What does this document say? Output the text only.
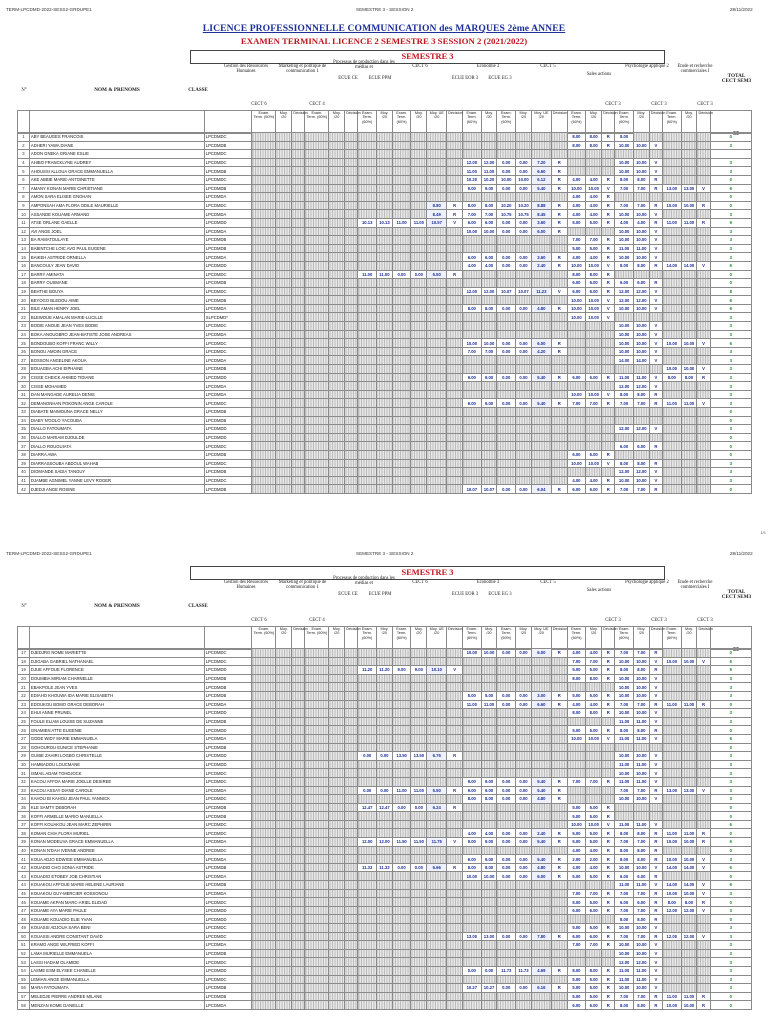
TERM-LPCDMD-2022-SESS2-GRDUPE1	SEMESTRE 3 - SESSION 2	28/11/2022
LICENCE PROFESSIONNELLE COMMUNICATION des MARQUES 2ème ANNEE
EXAMEN TERMINAL LICENCE 2 SEMESTRE 3 SESSION 2 (2021/2022)
SEMESTRE 3
N°	NOM & PRENOMS	CLASSE
Gestion des Ressources Humaines
CECT 6
Marketing et politique de communication 1
CECT 4
Processus de production dans les médias et
ECUE CE	ECUE PPM
CECT 6	Economie 3
ECUE EOR 3	ECUE EG 3
CECT 5
Sales actions
CECT 3
Psychologie appliqué 2
CECT 3
Etude et recherche commerciales I
CECT 3
TOTAL CECT SEM3
30
			Exam. Term. (60%)	Moy. /20	Décision	Exam. Term. (60%)	Moy. /20	Décision	Exam. Term. (60%)	Moy. /20	Exam. Term. (60%)	Moy. /20	Moy. UE /20	Décision	Exam. Term. (60%)	Moy. /20	Exam. Term. (60%)	Moy. /20	Moy. UE /20	Décision	Exam. Term. (60%)	Moy. /20	Décision	Exam. Term. (60%)	Moy. /20	Décision	Exam. Term. (60%)	Moy. /20	Décision	
1	ABY BEAUGES FRANCOIS	LPCDMDC																			8.00	8.00	R	8.00						0
2	ADHERI YAWA DIANE	LPCDMDB																			8.00	8.00	R	10.00	10.00	V				3
3	ADON GNEKA GRIANE ESLIE	LPCDMDC																												
4	AHIBO FRANCKLYNE AUDREY	LPCDMDC													12.00	12.00	0.00	0.00	7.20	R				10.00	10.00	V				3
5	AHOUSSI ALLOUA GRACE EMMANUELLA	LPCDMDB													11.00	11.00	0.00	0.00	6.60	R				10.00	10.00	V				3
6	AKE ABBIE MARIE-ANTOINETTE	LPCDMDC													10.20	10.20	10.00	10.00	6.12	R	4.00	4.00	R	8.00	8.00	R				0
7	AMANY KONAN MARIE CHRISTIANE	LPCDMDB													9.00	9.00	0.00	0.00	5.40	R	10.00	10.00	V	7.00	7.00	R	13.00	13.00	V	6
8	AMON SARA ELISEE GNOHAN	LPCDMDA																			4.00	4.00	R							0
9	AMPONSAH AMA FLORA ODILE MAURIELLE	LPCDMDC											8.80	R	8.00	8.00	10.20	10.20	8.88	R	4.00	4.00	R	7.00	7.00	R	10.00	10.00	R	0
10	ASSANDE KOUAME ARMAND	LPCDMDA											8.49	R	7.00	7.00	10.75	10.75	8.45	R	4.00	4.00	R	10.00	10.00	V				3
11	ATSE ORLANE GAELLE	LPCDMDD							10.13	10.13	11.00	11.00	10.57	V	6.00	6.00	0.00	0.00	3.60	R	5.00	5.00	R	4.00	4.00	R	11.00	11.00	R	9
12	AVI ANGE JOEL	LPCDMDA													10.00	10.00	0.00	0.00	6.00	R				10.00	10.00	V				3
13	BA RAMATOULAYE	LPCDMDB																			7.00	7.00	R	10.00	10.00	V				3
14	BABINTCHE LOIC AVO PAUL EUGENE	LPCDMDB																			5.00	5.00	R	11.00	11.00	V				3
15	BAIKEH ASTRIDE ORNELLA	LPCDMDA													6.00	6.00	0.00	0.00	3.60	R	4.00	4.00	R	10.00	10.00	V				3
16	BANCOULY JEAN DAVID	LPCDMDD													4.00	4.00	0.00	0.00	2.40	R	10.00	10.00	V	8.00	8.00	R	14.00	14.00	V	6
17	BARRY AMINATA	LPCDMDC							11.00	11.00	0.00	0.00	5.50	R							8.00	8.00	R							0
18	BARRY OUSMANE	LPCDMDB																			6.00	6.00	R	6.00	6.00	R				0
19	BEHTHE BOUYA	LPCDMDC													12.00	12.00	10.07	10.07	11.23	V	6.00	6.00	R	12.00	12.00	V				8
20	BEYOGO BLEDOU AIME	LPCDMDB																			10.00	10.00	V	12.00	12.00	V				6
21	BILE AMAN HENRY JOEL	LPCDMDA													8.00	8.00	0.00	0.00	4.80	R	10.00	10.00	V	10.00	10.00	V				6
22	BLEWOUE AMALAN MARIE-LUCILLE	SLPCDMD*																			10.00	10.00	V							3
23	BODIE ANOUE JEAN YVES BODIE	LPCDMDC																						10.00	10.00	V				3
24	BOKA ANOUGBRO JEAN-BATISTE JOSE ANDREAS	LPCDMDA																						10.00	10.00	V				3
25	BONDOUBO KOFFI FRANC WILLY	LPCDMDC													10.00	10.00	0.00	0.00	6.00	R				10.00	10.00	V	10.00	10.00	V	6
26	BONOU AMOIN GRACE	LPCDMDC													7.00	7.00	0.00	0.00	4.20	R				10.00	10.00	V				3
27	BOSSON ANGELINE AKOUA	LPCDMDA																						14.00	14.00	V				3
28	BOUAGBA ACHI EIPHAINE	LPCDMDB																									10.00	10.00	V	3
29	CISSE CHEICK AHMED TIDIANE	LPCDMDD													9.00	9.00	0.00	0.00	5.40	R	6.00	6.00	R	11.00	11.00	V	8.00	8.00	R	3
30	CISSE MOHAMED	LPCDMDA																						12.00	12.00	V				3
31	DAN MANGADE AURELIA DENIS	LPCDMDA																			10.00	10.00	V	8.00	8.00	R				3
32	DEMANONHAN POKONIN ANGE CAROLE	LPCDMDC													9.00	9.00	0.00	0.00	5.40	R	7.00	7.00	R	7.00	7.00	R	11.00	11.00	V	3
33	DIABATE MAIMOUNA GRACE NELLY	LPCDMDB																												0
34	DIABY N'GOLO YACOUBA	LPCDMDB																												0
35	DIALLO FATOUMATA	LPCDMDD																						12.00	12.00	V				3
36	DIALLO MARIAM DJOULDE	LPCDMDD																												0
37	DIALLO ROUGUIATA	LPCDMDC																						6.00	6.00	R				0
38	DIARRA AWA	LPCDMDB																			6.00	6.00	R							0
39	DIARRASSOUBA ABDOUL WAHAB	LPCDMDC																			10.00	10.00	V	8.00	8.00	R				3
40	DIOMANDE SADIA TANGUY	LPCDMDB																						12.00	12.00	V				3
41	DJAMBE AGNIMEL YANNE LEVY ROGER	LPCDMDC																			4.00	4.00	R	10.00	10.00	V				3
42	DJEDJI ANGE ROSINE	LPCDMDB													10.07	10.07	0.00	0.00	6.04	R	6.00	6.00	R	7.00	7.00	R				0
1/1
TERM-LPCDMD-2022-SESS2-GRDUPE1	SEMESTRE 3 - SESSION 2	28/11/2022
SEMESTRE 3
N°	NOM & PRENOMS	CLASSE
Gestion des Ressources Humaines
CECT 6
Marketing et politique de communication 1
CECT 4
Processus de production dans les médias et
ECUE CE	ECUE PPM
CECT 6	Economie 3
ECUE EOR 3	ECUE EG 3
CECT 5
Sales actions
CECT 3
Psychologie appliqué 2
CECT 3
Etude et recherche commerciales I
CECT 3
TOTAL CECT SEM3
30
			Exam. Term. (60%)	Moy. /20	Décision	Exam. Term. (60%)	Moy. /20	Décision	Exam. Term. (60%)	Moy. /20	Exam. Term. (60%)	Moy. /20	Moy. UE /20	Décision	Exam. Term. (60%)	Moy. /20	Exam. Term. (60%)	Moy. /20	Moy. UE /20	Décision	Exam. Term. (60%)	Moy. /20	Décision	Exam. Term. (60%)	Moy. /20	Décision	Exam. Term. (60%)	Moy. /20	Décision	
17	DJEDJRO NOME MARIETTE	LPCDMDC													10.00	10.00	0.00	0.00	6.00	R	4.00	4.00	R	7.00	7.00	R				0
18	DJIGABA GABRIEL NATHANAEL	LPCDMDC																			7.00	7.00	R	10.00	10.00	V	10.00	10.00	V	6
19	DJUE AFFOUE FLORENCE	LPCDMDD							11.20	11.20	9.00	9.00	10.10	V							5.00	5.00	R	8.00	8.00	R				9
20	DOUMBIA MIRIAM CHARNELLE	LPCDMDB																			8.00	8.00	R	10.00	10.00	V				3
21	EBAKPOLE JEAN YVES	LPCDMDB																						10.00	10.00	V				3
22	EDIAHO KHOUWA IDA MARIE ELISABETH	LPCDMDB													5.00	5.00	0.00	0.00	3.00	R	5.00	5.00	R	10.00	10.00	V				3
23	EDOUKOU BOMO GRACE DEBORAH	LPCDMDA													11.00	11.00	0.00	0.00	6.60	R	4.00	4.00	R	7.00	7.00	R	11.00	11.00	R	0
24	EHUI ANNE PRUNEL	LPCDMDD																			8.00	8.00	R	10.00	10.00	V				3
25	FOULE ELIAM LOUISE DE SUZANNE	LPCDMDB																						11.00	11.00	V				3
26	GNAMIEN ATTE EUGENIE	LPCDMDD																			5.00	5.00	R	8.00	8.00	R				0
27	GODE WIDY MARIE EMMANUELA	LPCDMDA																			10.00	10.00	V	11.00	11.00	V				6
28	GOHOUROU EUNICE STEPHANIE	LPCDMDB																												0
29	GUIBE ZAHIRI LOGBO CHRISTELLE	LPCDMDD							0.00	0.00	13.50	13.50	6.75	R										10.00	10.00	V				3
30	HAMBADOU LOUCMANE	LPCDMDD																						11.00	11.00	V				3
31	ISMAIL ADAM TOHDJOCK	LPCDMDC																						10.00	10.00	V				3
32	KACOU AFFOA MARIE JOELLE DESIREE	LPCDMDC													9.00	9.00	0.00	0.00	5.40	R	7.00	7.00	R	11.00	11.00	V				3
33	KACOU ASSAY DIANE CAROLE	LPCDMDA							0.00	0.00	11.00	11.00	5.50	R	9.00	9.00	0.00	0.00	5.40	R				7.00	7.00	R	13.00	13.00	V	3
34	KAHOU BI KAHOU JEAN PAUL YANNICK	LPCDMDC													8.00	8.00	0.00	0.00	4.80	R				10.00	10.00	V				3
35	KLE SAMTY DEBORAH	LPCDMDB							12.47	12.47	0.00	0.00	6.24	R							5.00	5.00	R							0
36	KOFFI ARMELLE MARIO MANUELLA	LPCDMDB																			5.00	5.00	R							0
37	KOFFI KOUAKOU JEAN MARC ZEPHIRIN	LPCDMDC																			10.00	10.00	V	11.00	11.00	V				6
38	KOMAN CHIA FLORA MURIEL	LPCDMDC													4.00	4.00	0.00	0.00	2.40	R	5.00	5.00	R	8.00	8.00	R	11.00	11.00	R	0
39	KONAN MODEUVA GRACE EMMANUELLA	LPCDMDA							12.00	12.00	11.50	11.50	11.75	V	9.00	9.00	0.00	0.00	5.40	R	5.00	5.00	R	7.00	7.00	R	10.00	10.00	R	6
40	KONAN N'DAH IVENNE ANDREE	LPCDMDC																			4.00	4.00	R	8.00	8.00	R				0
41	KOUA ADJO EDWIGE EMMANUELLA	LPCDMDA													9.00	9.00	0.00	0.00	5.40	R	2.00	2.00	R	8.00	8.00	R	10.00	10.00	V	3
42	KOUADIO CHO SONIA ASTRIDE	LPCDMDB							11.33	11.33	0.00	0.00	6.66	R	8.00	8.00	0.00	0.00	4.80	R	4.00	4.00	R	10.00	10.00	V	14.00	14.00	V	6
43	KOUADIO ETOBEY JOB CHRISTIAN	LPCDMDA													10.00	10.00	0.00	0.00	6.00	R	5.00	5.00	R	6.00	6.00	R				0
44	KOUAKOU AFFOUE MARIE HELENE LAURIANE	LPCDMDB																						11.00	11.00	V	14.00	14.00	V	6
45	KOUAKOU GUY-MERCIER KOSSONOU	LPCDMDA																			7.00	7.00	R	7.00	7.00	R	10.00	10.00	V	3
46	KOUAME AKPAN MARC-ARIEL ELIDAD	LPCDMDC																			5.00	5.00	R	6.00	6.00	R	8.00	8.00	R	0
47	KOUAME AYA MARIE PAULE	LPCDMDD																			6.00	6.00	R	7.00	7.00	R	12.00	12.00	V	3
48	KOUAME KOUADIO ELIE YVAN	LPCDMDD																						8.00	8.00	R				0
49	KOUASSI ADJOUA SARA BENI	LPCDMDC																			5.00	5.00	R	10.00	10.00	V				3
50	KOUASSI ANDRE CONSTANT DAVID	LPCDMDC													13.00	13.00	0.00	0.00	7.80	R	6.00	6.00	R	7.00	7.00	R	12.00	12.00	V	3
51	KRAMO ANGE WILFRIED KOFFI	LPCDMDA																			7.00	7.00	R	10.00	10.00	V				3
52	LAMA MURIELLE EMMANUELA	LPCDMDB																						10.00	10.00	V				3
53	LASSI HADAM OLAMIDE	LPCDMDC																						12.00	12.00	V				3
54	LASME ESM ELYSEE CHANELLE	LPCDMDD													0.00	0.00	11.73	11.73	4.69	R	8.00	8.00	R	11.00	11.00	V				3
55	LEMIAN ANGE EMMANUELLA	LPCDMDC																			5.00	5.00	R	11.00	11.00	V				3
56	MARA FATOUMATA	LPCDMDB													10.27	10.27	0.00	0.00	6.16	R	5.00	5.00	R	10.00	10.00	V				3
57	MELEDJE PIERRE ANDREE MILANE	LPCDMDB																			5.00	5.00	R	7.00	7.00	R	11.00	11.00	R	0
58	MENZAN KOME DANIELLE	LPCDMDA																			6.00	6.00	R	8.00	8.00	R	10.00	10.00	R	0
